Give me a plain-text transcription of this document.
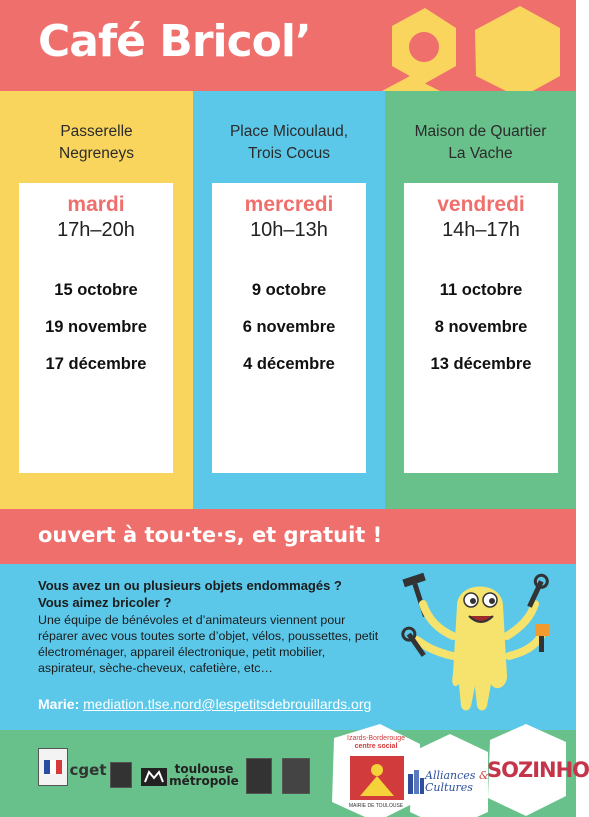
Café Bricol’
Passerelle
Negreneys
mardi
17h–20h
15 octobre
19 novembre
17 décembre
Place Micoulaud,
Trois Cocus
mercredi
10h–13h
9 octobre
6 novembre
4 décembre
Maison de Quartier
La Vache
vendredi
14h–17h
11 octobre
8 novembre
13 décembre
ouvert à tou·te·s, et gratuit !
Vous avez un ou plusieurs objets endommagés ?
Vous aimez bricoler ?
Une équipe de bénévoles et d’animateurs viennent pour réparer avec vous toutes sorte d’objet, vélos, poussettes, petit électroménager, appareil électronique, petit mobilier, aspirateur, sèche-cheveux, cafetière, etc…
Marie: mediation.tlse.nord@lespetitsdebrouillards.org
cget	toulouse
métropole
Izards-Borderouge
centre social
MAIRIE DE TOULOUSE
Alliances &
Cultures
SOZINHO
